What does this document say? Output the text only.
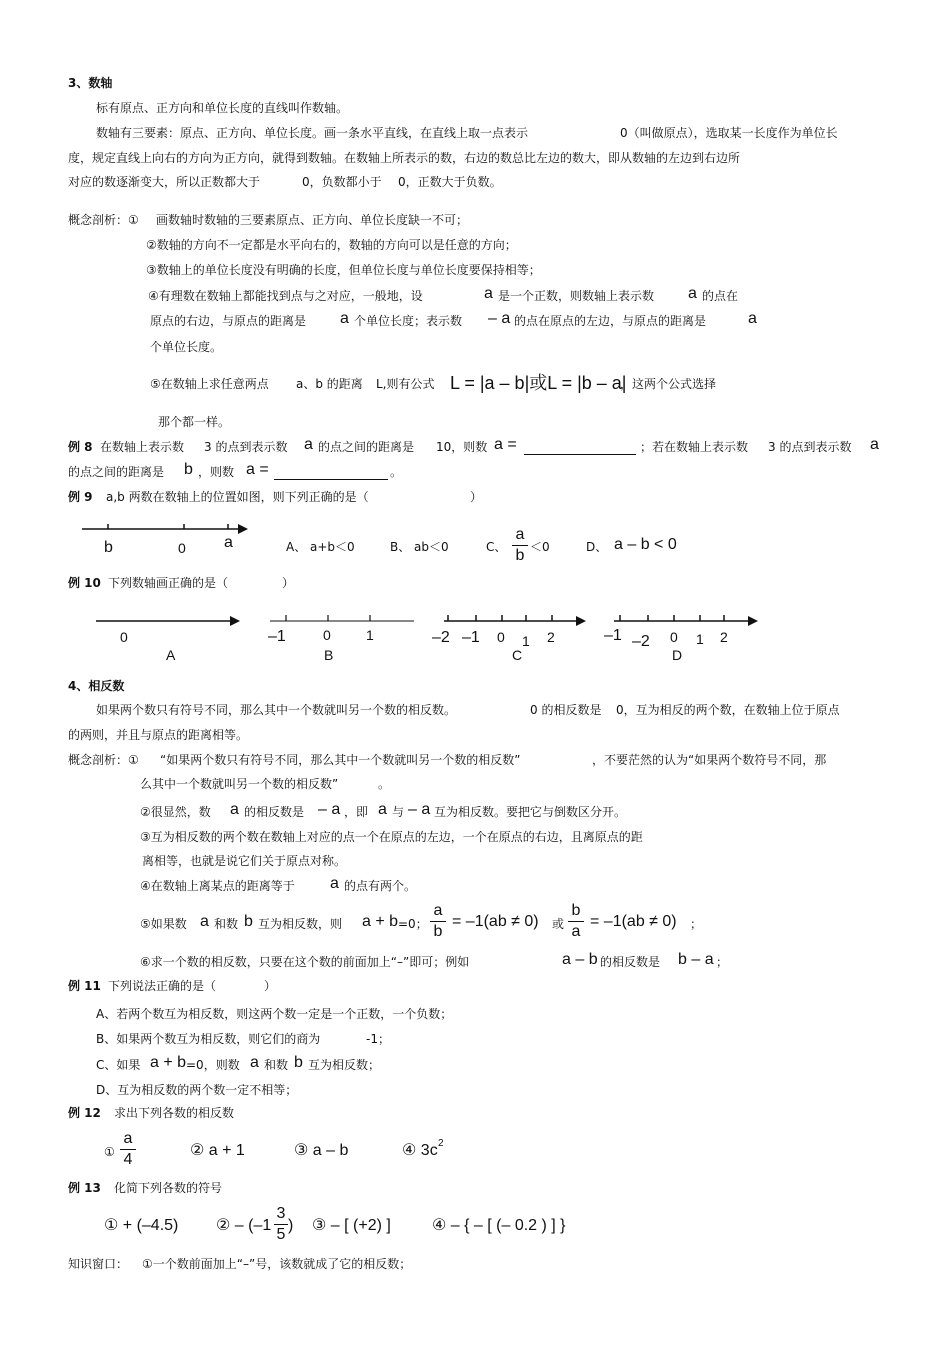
3、数轴
标有原点、正方向和单位长度的直线叫作数轴。
数轴有三要素：原点、正方向、单位长度。画一条水平直线，在直线上取一点表示	0（叫做原点），选取某一长度作为单位长
度，规定直线上向右的方向为正方向，就得到数轴。在数轴上所表示的数，右边的数总比左边的数大，即从数轴的左边到右边所
对应的数逐渐变大，所以正数都大于	0，负数都小于 0，正数大于负数。
概念剖析：① 画数轴时数轴的三要素原点、正方向、单位长度缺一不可；
②数轴的方向不一定都是水平向右的，数轴的方向可以是任意的方向；
③数轴上的单位长度没有明确的长度，但单位长度与单位长度要保持相等；
④有理数在数轴上都能找到点与之对应，一般地，设	a 是一个正数，则数轴上表示数 a 的点在
原点的右边，与原点的距离是 a 个单位长度；表示数 – a 的点在原点的左边，与原点的距离是	a
个单位长度。
⑤在数轴上求任意两点 a、b 的距离 L,则有公式 L = |a – b|或L = |b – a|
，这两个公式选择
那个都一样。
例 8 在数轴上表示数 3 的点到表示数 a 的点之间的距离是 10，则数 a =	；若在数轴上表示数 3 的点到表示数 a
的点之间的距离是 b ，则数 a =	。
例 9 a,b 两数在数轴上的位置如图，则下列正确的是（	）
b	0 a	A、 a+b＜0	B、 ab＜0	C、
a
b ＜0	D、 a – b < 0
例 10 下列数轴画正确的是（	）
0
A
–1	0	1
B
–2 –1 0 1 2
C
–1 –2 0 1 2
D
4、相反数
如果两个数只有符号不同，那么其中一个数就叫另一个数的相反数。	0 的相反数是 0，互为相反的两个数，在数轴上位于原点
的两则，并且与原点的距离相等。
概念剖析：① “如果两个数只有符号不同，那么其中一个数就叫另一个数的相反数”	，不要茫然的认为“如果两个数符号不同，那
么其中一个数就叫另一个数的相反数”	。
②很显然，数 a 的相反数是 – a ，即 a 与 – a 互为相反数。要把它与倒数区分开。
③互为相反数的两个数在数轴上对应的点一个在原点的左边，一个在原点的右边，且离原点的距
离相等，也就是说它们关于原点对称。
④在数轴上离某点的距离等于 a 的点有两个。
⑤如果数 a 和数 b 互为相反数，则 a + b =0；
a
b
= –1(ab ≠ 0) 或
b
a
= –1(ab ≠ 0) ；
⑥求一个数的相反数，只要在这个数的前面加上“–”即可；例如	a – b 的相反数是 b – a ；
例 11 下列说法正确的是（	）
A、若两个数互为相反数，则这两个数一定是一个正数，一个负数；
B、如果两个数互为相反数，则它们的商为	-1；
C、如果 a + b =0，则数 a 和数 b 互为相反数；
D、互为相反数的两个数一定不相等；
例 12 求出下列各数的相反数
①
a
4
② a + 1	③ a – b	④ 3c 2
例 13 化简下列各数的符号
① + (–4.5) ② – (–1
3
5
) ③ – [ (+2) ]	④ – { – [ (– 0.2 ) ] }
知识窗口： ①一个数前面加上“–”号，该数就成了它的相反数；
